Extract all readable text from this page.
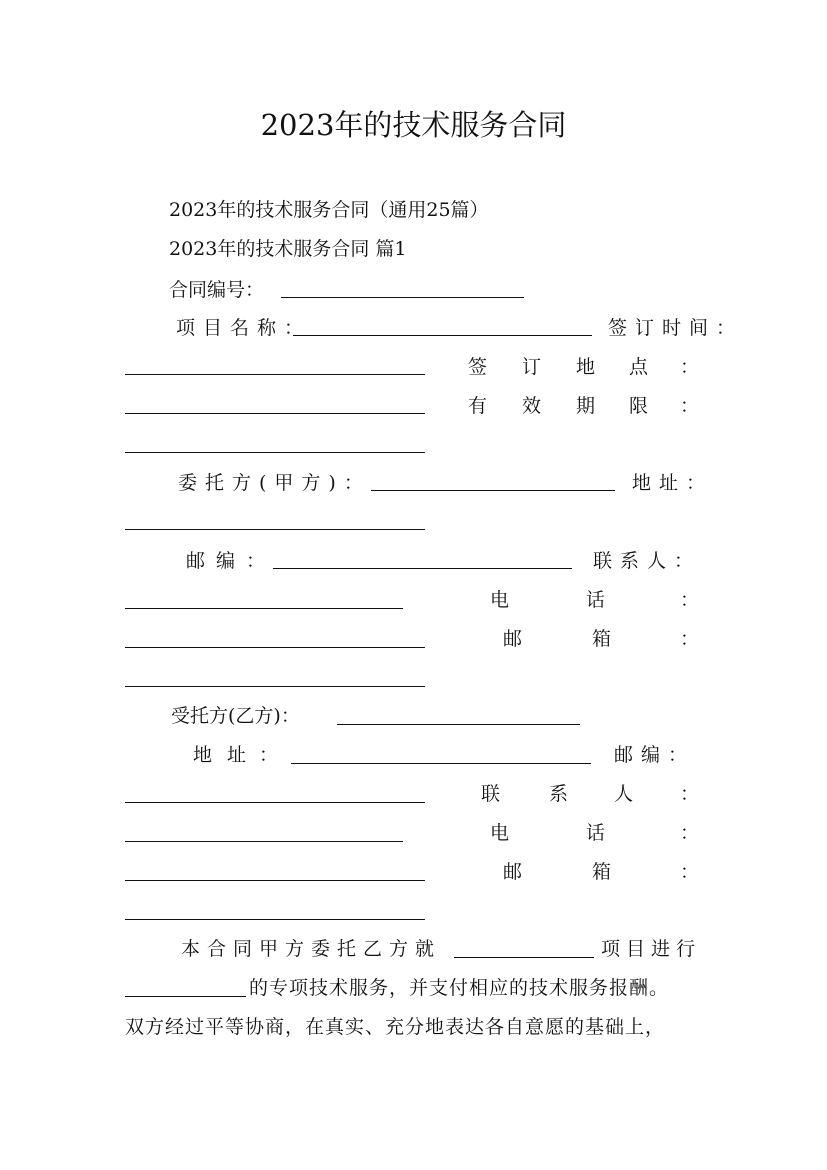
2023年的技术服务合同
2023年的技术服务合同（通用25篇）
2023年的技术服务合同 篇1
合同编号：
项目名称：	签订时间：
签 订 地 点 ：
有 效 期 限 ：
委托方(甲方)：	地址：
邮 编 ：	联系人：
电	话	：
邮	箱	：
受托方(乙方)：
地 址 ：	邮编：
联	系 人 ：
电	话	：
邮	箱	：
本合同甲方委托乙方就	项目进行
的专项技术服务，并支付相应的技术服务报酬。
双方经过平等协商，在真实、充分地表达各自意愿的基础上，
